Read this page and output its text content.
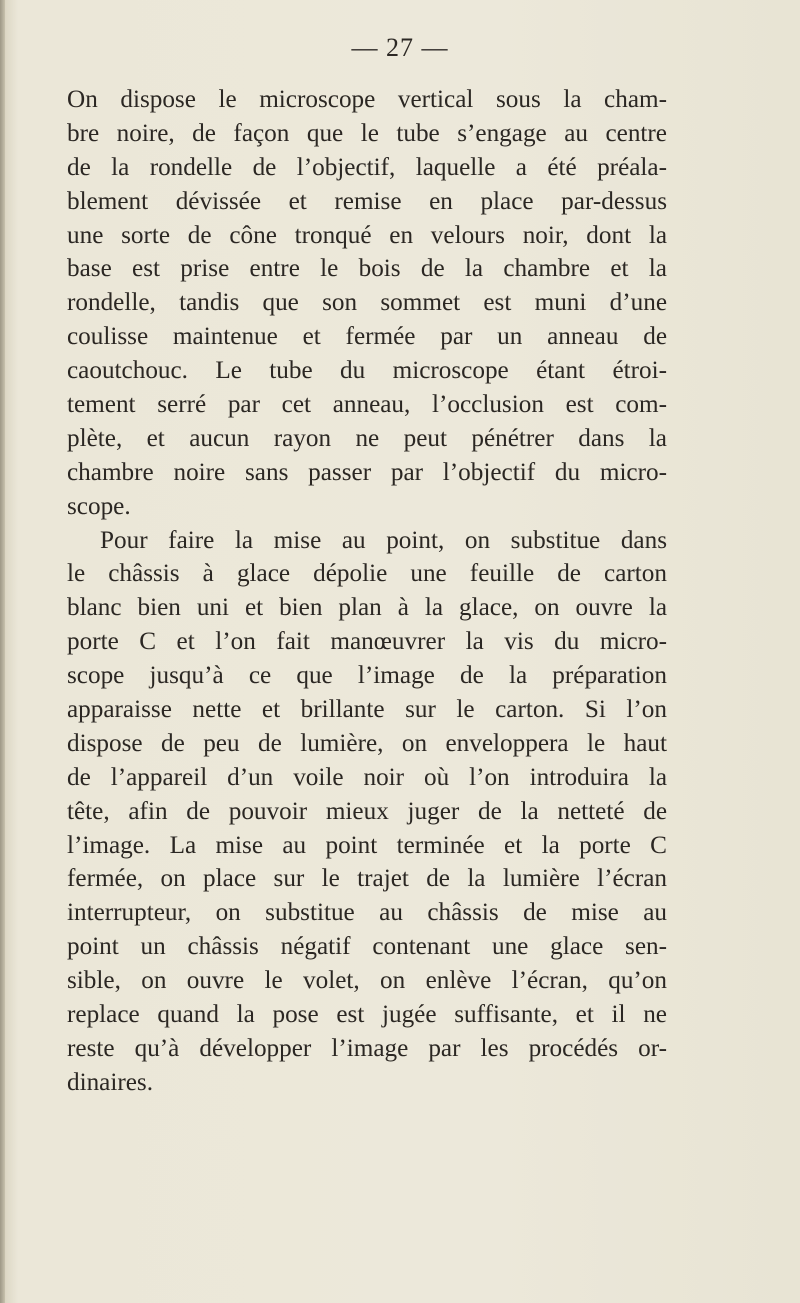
— 27 —
On dispose le microscope vertical sous la cham-
bre noire, de façon que le tube s’engage au centre
de la rondelle de l’objectif, laquelle a été préala-
blement dévissée et remise en place par-dessus
une sorte de cône tronqué en velours noir, dont la
base est prise entre le bois de la chambre et la
rondelle, tandis que son sommet est muni d’une
coulisse maintenue et fermée par un anneau de
caoutchouc. Le tube du microscope étant étroi-
tement serré par cet anneau, l’occlusion est com-
plète, et aucun rayon ne peut pénétrer dans la
chambre noire sans passer par l’objectif du micro-
scope.
Pour faire la mise au point, on substitue dans
le châssis à glace dépolie une feuille de carton
blanc bien uni et bien plan à la glace, on ouvre la
porte C et l’on fait manœuvrer la vis du micro-
scope jusqu’à ce que l’image de la préparation
apparaisse nette et brillante sur le carton. Si l’on
dispose de peu de lumière, on enveloppera le haut
de l’appareil d’un voile noir où l’on introduira la
tête, afin de pouvoir mieux juger de la netteté de
l’image. La mise au point terminée et la porte C
fermée, on place sur le trajet de la lumière l’écran
interrupteur, on substitue au châssis de mise au
point un châssis négatif contenant une glace sen-
sible, on ouvre le volet, on enlève l’écran, qu’on
replace quand la pose est jugée suffisante, et il ne
reste qu’à développer l’image par les procédés or-
dinaires.
